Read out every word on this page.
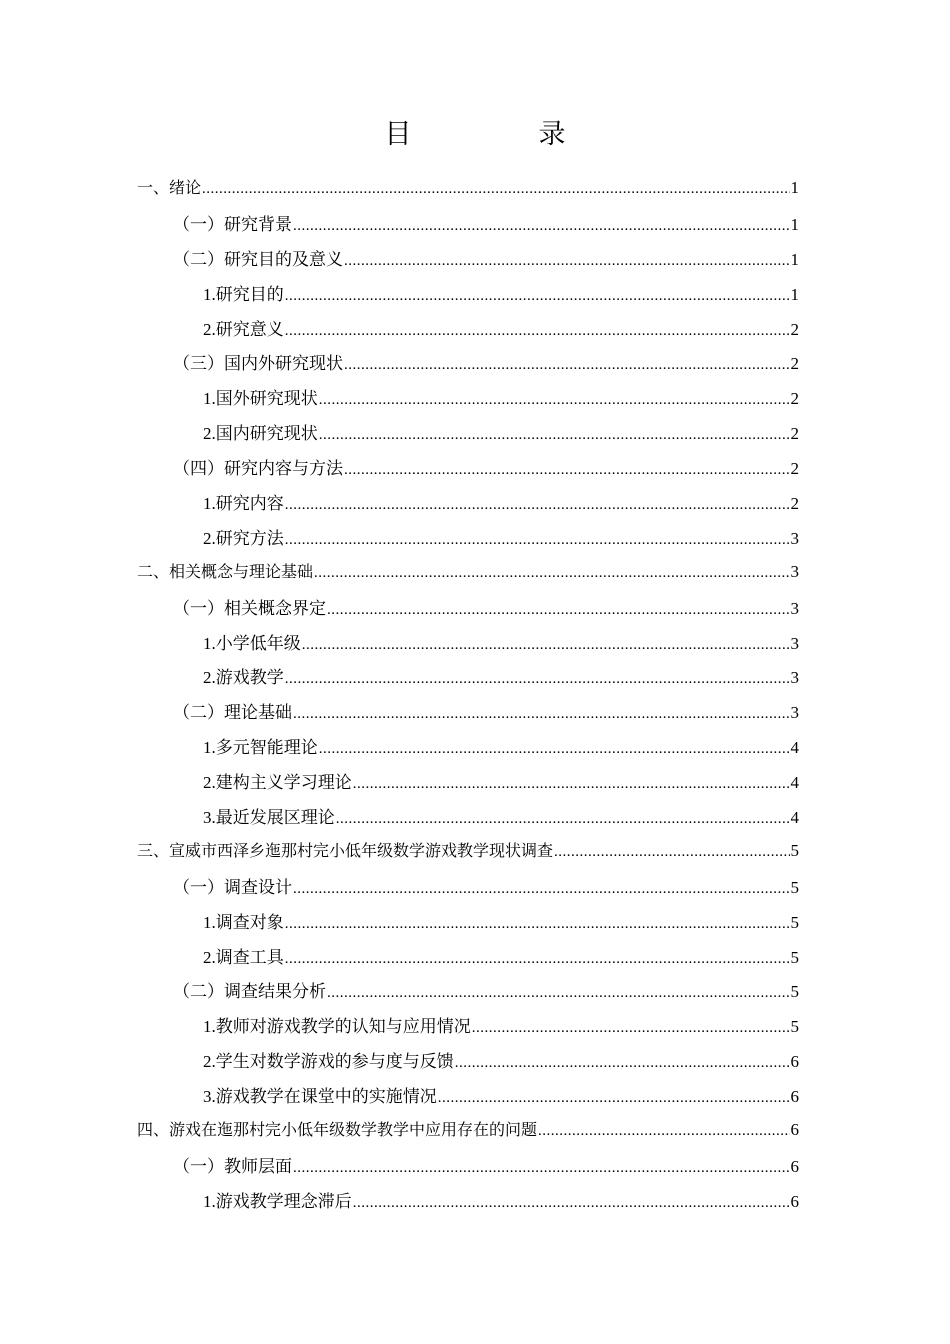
目　录
一、绪论 .....	1
（一）研究背景 .....	1
（二）研究目的及意义 .....	1
1.研究目的 .....	1
2.研究意义 .....	2
（三）国内外研究现状 .....	2
1.国外研究现状 .....	2
2.国内研究现状 .....	2
（四）研究内容与方法 .....	2
1.研究内容 .....	2
2.研究方法 .....	3
二、相关概念与理论基础 .....	3
（一）相关概念界定 .....	3
1.小学低年级 .....	3
2.游戏教学 .....	3
（二）理论基础 .....	3
1.多元智能理论 .....	4
2.建构主义学习理论 .....	4
3.最近发展区理论 .....	4
三、宣威市西泽乡迤那村完小低年级数学游戏教学现状调查 .....	5
（一）调查设计 .....	5
1.调查对象 .....	5
2.调查工具 .....	5
（二）调查结果分析 .....	5
1.教师对游戏教学的认知与应用情况 .....	5
2.学生对数学游戏的参与度与反馈 .....	6
3.游戏教学在课堂中的实施情况 .....	6
四、游戏在迤那村完小低年级数学教学中应用存在的问题 .....	6
（一）教师层面 .....	6
1.游戏教学理念滞后 .....	6
